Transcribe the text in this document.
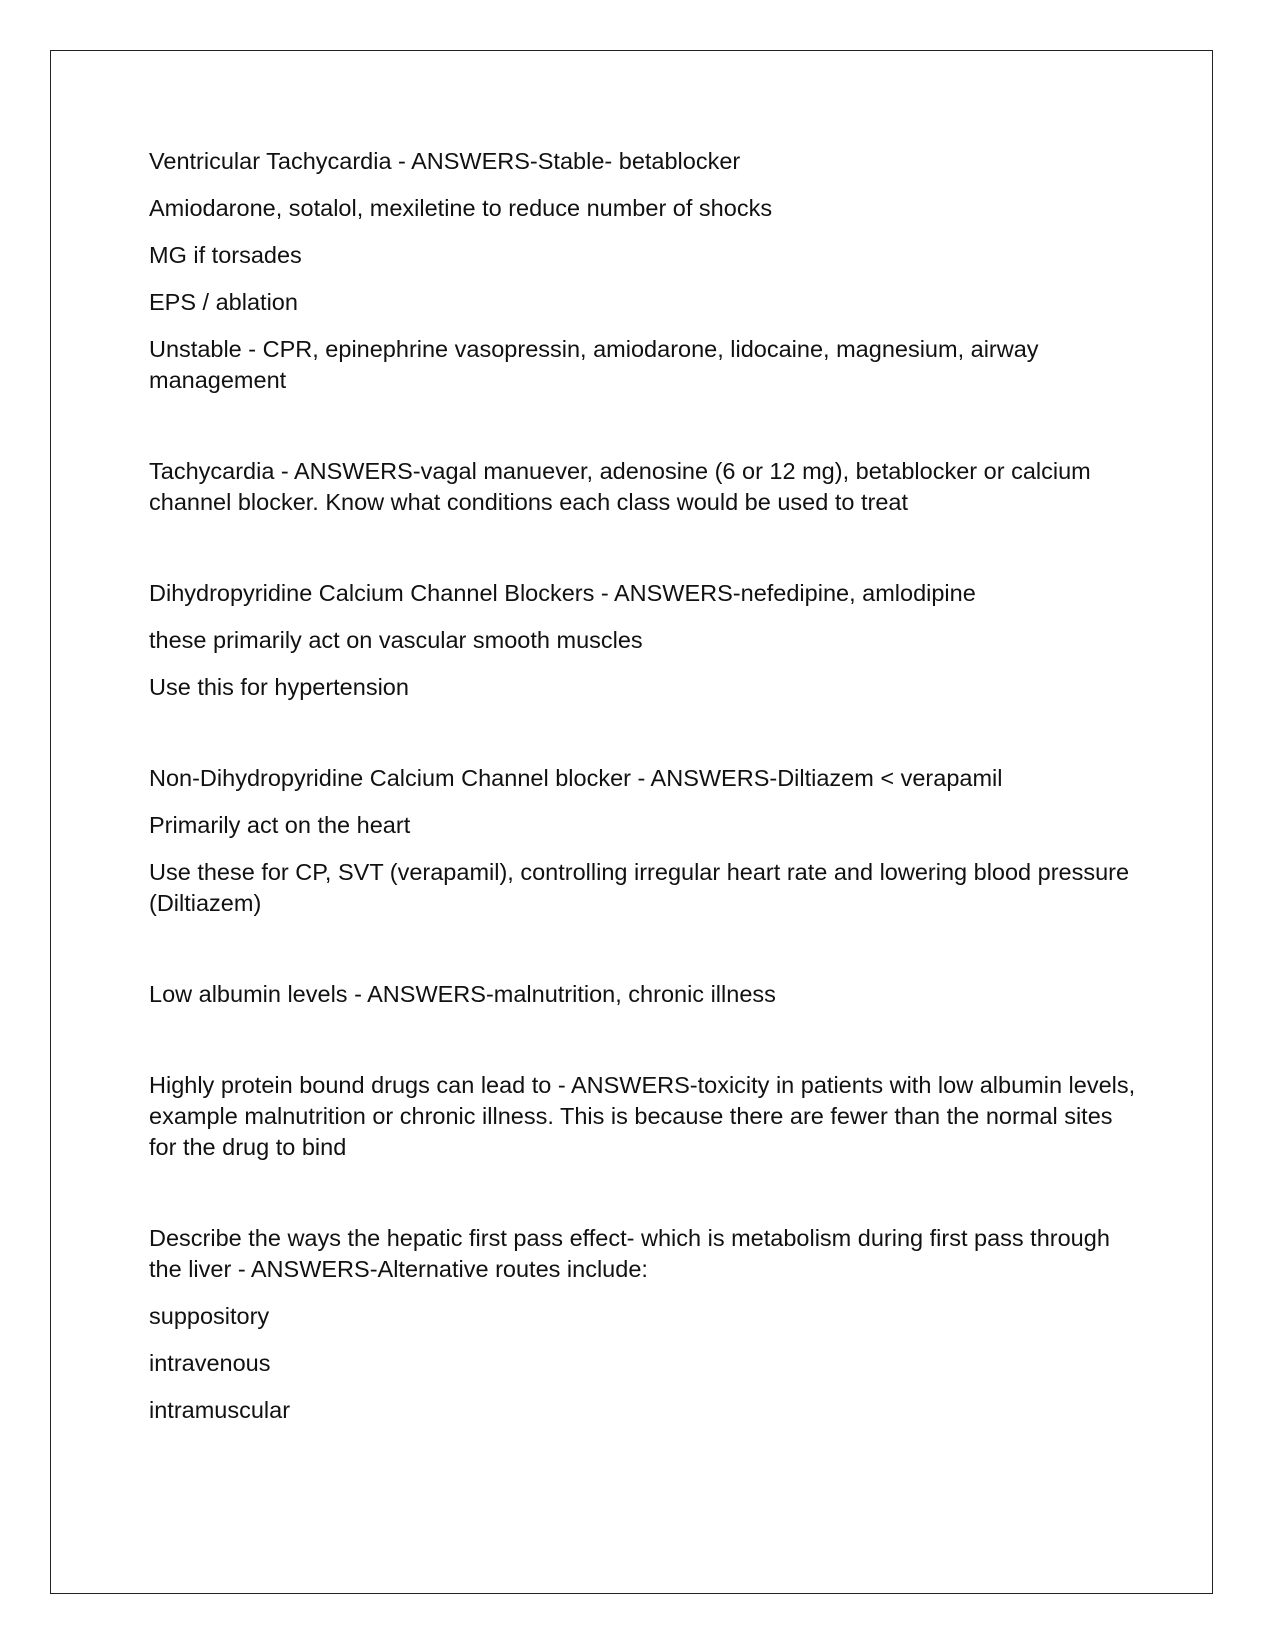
Ventricular Tachycardia - ANSWERS-Stable- betablocker

Amiodarone, sotalol, mexiletine to reduce number of shocks

MG if torsades

EPS / ablation

Unstable - CPR, epinephrine vasopressin, amiodarone, lidocaine, magnesium, airway management

Tachycardia - ANSWERS-vagal manuever, adenosine (6 or 12 mg), betablocker or calcium channel blocker. Know what conditions each class would be used to treat

Dihydropyridine Calcium Channel Blockers - ANSWERS-nefedipine, amlodipine

these primarily act on vascular smooth muscles

Use this for hypertension

Non-Dihydropyridine Calcium Channel blocker - ANSWERS-Diltiazem < verapamil

Primarily act on the heart

Use these for CP, SVT (verapamil), controlling irregular heart rate and lowering blood pressure (Diltiazem)

Low albumin levels - ANSWERS-malnutrition, chronic illness

Highly protein bound drugs can lead to - ANSWERS-toxicity in patients with low albumin levels, example malnutrition or chronic illness. This is because there are fewer than the normal sites for the drug to bind

Describe the ways the hepatic first pass effect- which is metabolism during first pass through the liver - ANSWERS-Alternative routes include:

suppository

intravenous

intramuscular
